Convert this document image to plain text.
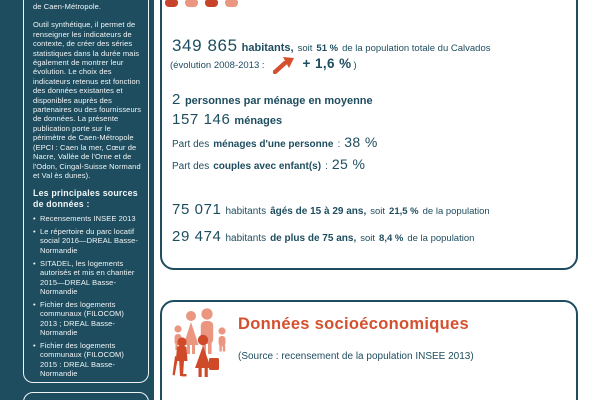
de Caen-Métropole.

Outil synthétique, il permet de renseigner les indicateurs de contexte, de créer des séries statistiques dans la durée mais également de montrer leur évolution. Le choix des indicateurs retenus est fonction des données existantes et disponibles auprès des partenaires ou des fournisseurs de données. La présente publication porte sur le périmètre de Caen-Métropole (EPCI : Caen la mer, Cœur de Nacre, Vallée de l'Orne et de l'Odon, Cingal-Suisse Normand et Val ès dunes).

Les principales sources de données :

• Recensements INSEE 2013
• Le répertoire du parc locatif social 2016—DREAL Basse-Normandie
• SITADEL, les logements autorisés et mis en chantier 2015—DREAL Basse-Normandie
• Fichier des logements communaux (FILOCOM) 2013 ; DREAL Basse-Normandie
• Fichier des logements communaux (FILOCOM) 2015 : DREAL Basse-Normandie
349 865 habitants, soit 51 % de la population totale du Calvados
(évolution 2008-2013 :	+ 1,6 % )
2 personnes par ménage en moyenne
157 146 ménages
Part des ménages d'une personne : 38 %
Part des couples avec enfant(s) : 25 %
75 071 habitants âgés de 15 à 29 ans, soit 21,5 % de la population
29 474 habitants de plus de 75 ans, soit 8,4 % de la population
Données socioéconomiques

(Source : recensement de la population INSEE 2013)
